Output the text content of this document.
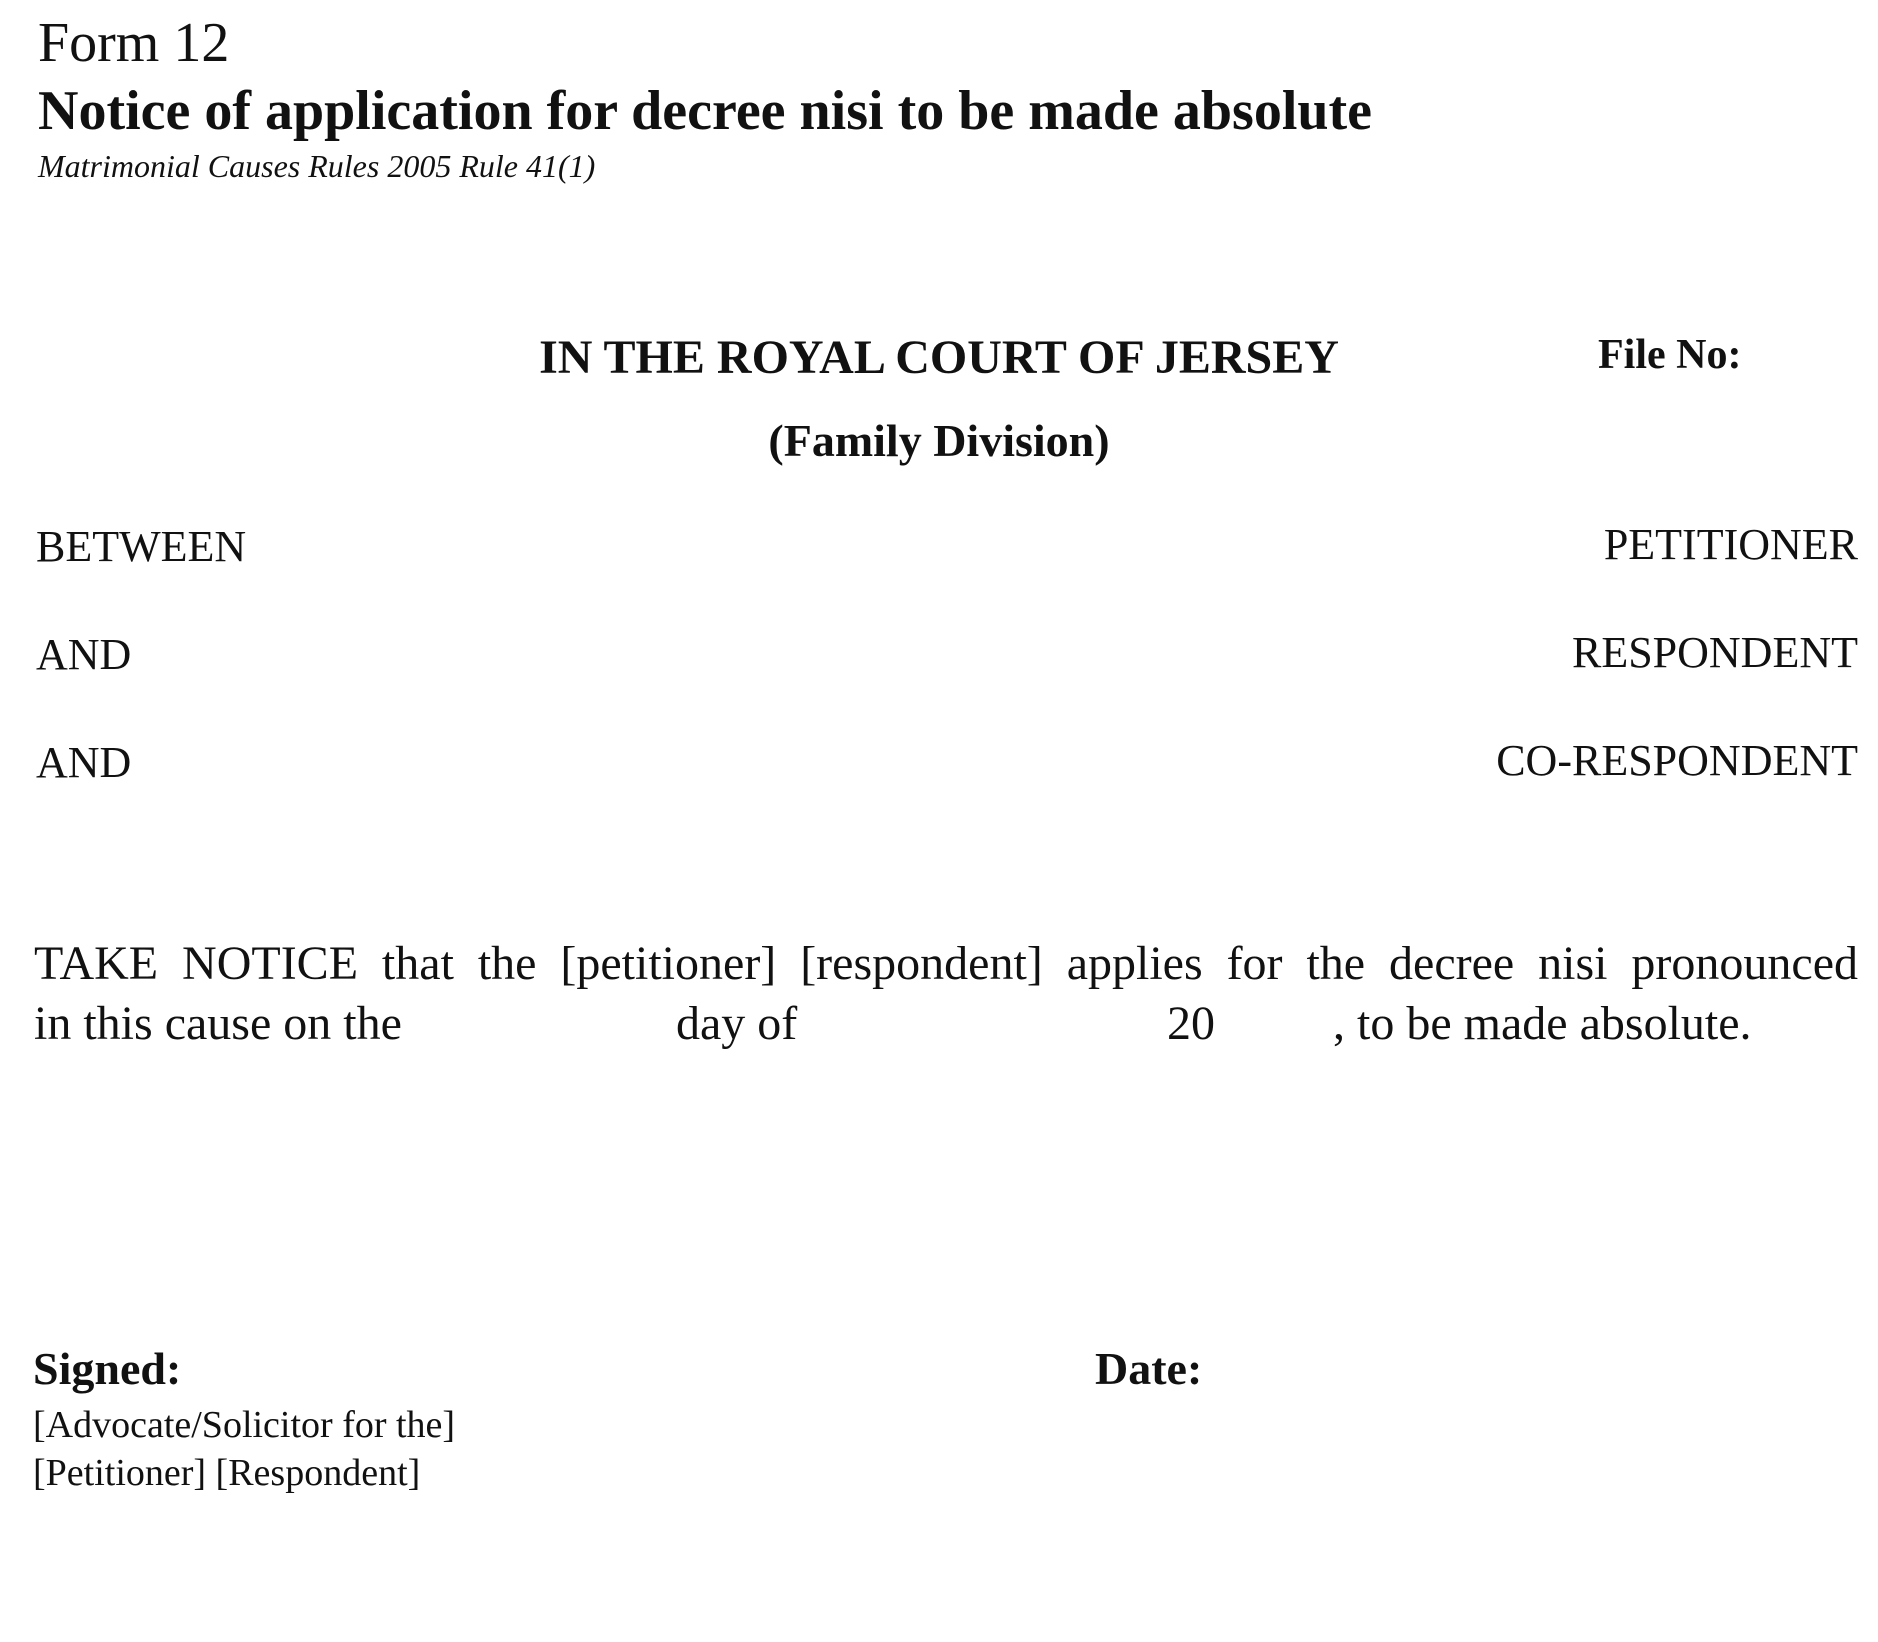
Form 12
Notice of application for decree nisi to be made absolute
Matrimonial Causes Rules 2005 Rule 41(1)
IN THE ROYAL COURT OF JERSEY
(Family Division)
File No:
BETWEEN	PETITIONER
AND	RESPONDENT
AND	CO-RESPONDENT
TAKE NOTICE that the [petitioner] [respondent] applies for the decree nisi pronounced
in this cause on the	day of	20 , to be made absolute.
Signed:	Date:
[Advocate/Solicitor for the]
[Petitioner] [Respondent]
